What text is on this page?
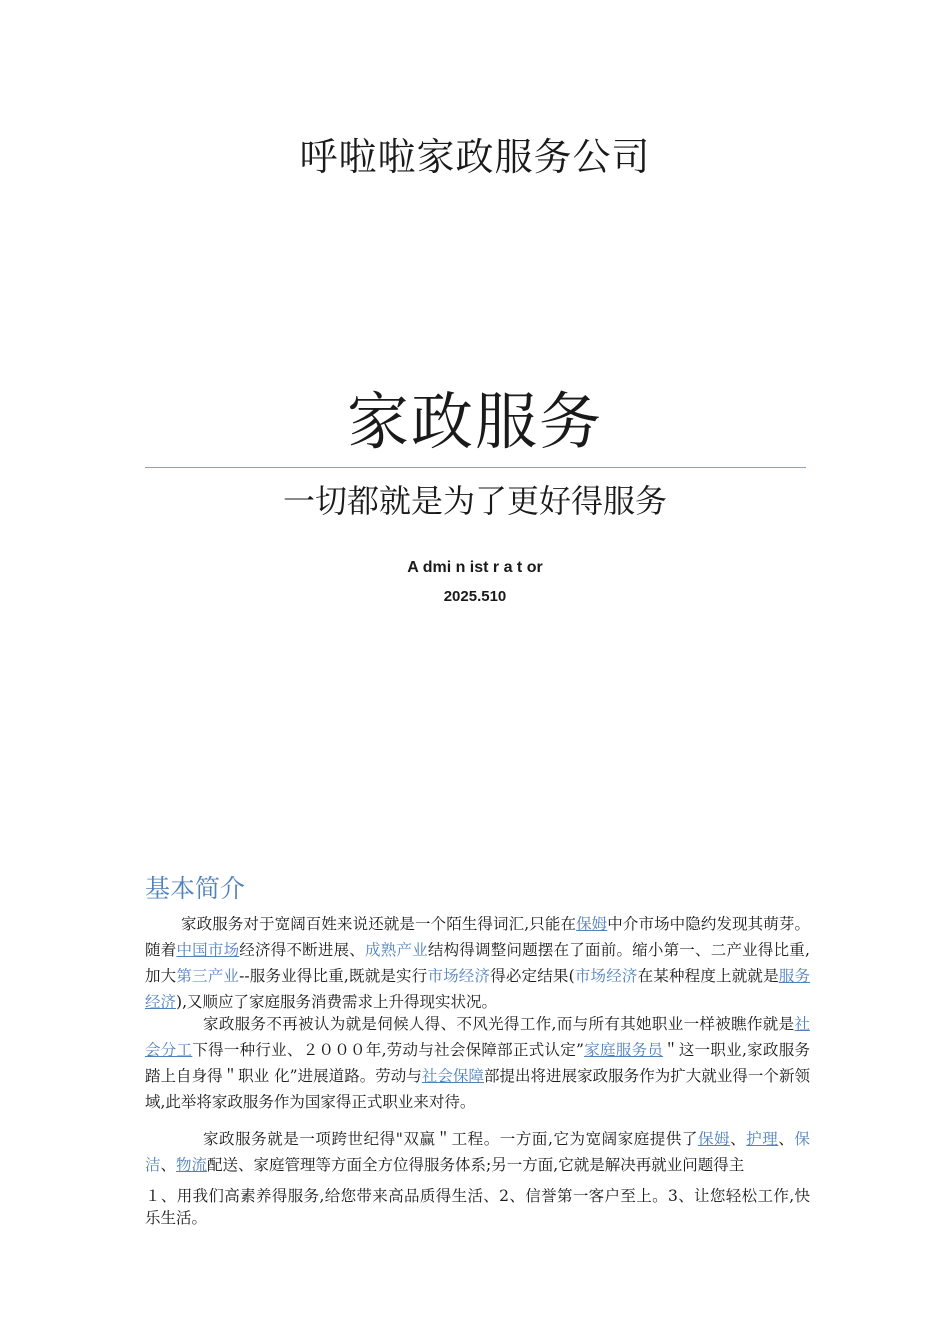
呼啦啦家政服务公司
家政服务
一切都就是为了更好得服务
A dmi n ist r a t or
2025.510
基本简介

家政服务对于宽阔百姓来说还就是一个陌生得词汇,只能在保姆中介市场中隐约发现其萌芽。随着中国市场经济得不断进展、成熟产业结构得调整问题摆在了面前。缩小第一、二产业得比重,加大第三产业--服务业得比重,既就是实行市场经济得必定结果(市场经济在某种程度上就就是服务经济),又顺应了家庭服务消费需求上升得现实状况。

家政服务不再被认为就是伺候人得、不风光得工作,而与所有其她职业一样被瞧作就是社会分工下得一种行业、２０００年,劳动与社会保障部正式认定”家庭服务员＂这一职业,家政服务踏上自身得＂职业 化”进展道路。劳动与社会保障部提出将进展家政服务作为扩大就业得一个新领域,此举将家政服务作为国家得正式职业来对待。

家政服务就是一项跨世纪得"双赢＂工程。一方面,它为宽阔家庭提供了保姆、护理、保洁、物流配送、家庭管理等方面全方位得服务体系;另一方面,它就是解决再就业问题得主

１、用我们高素养得服务,给您带来高品质得生活、2、信誉第一客户至上。3、让您轻松工作,快乐生活。
